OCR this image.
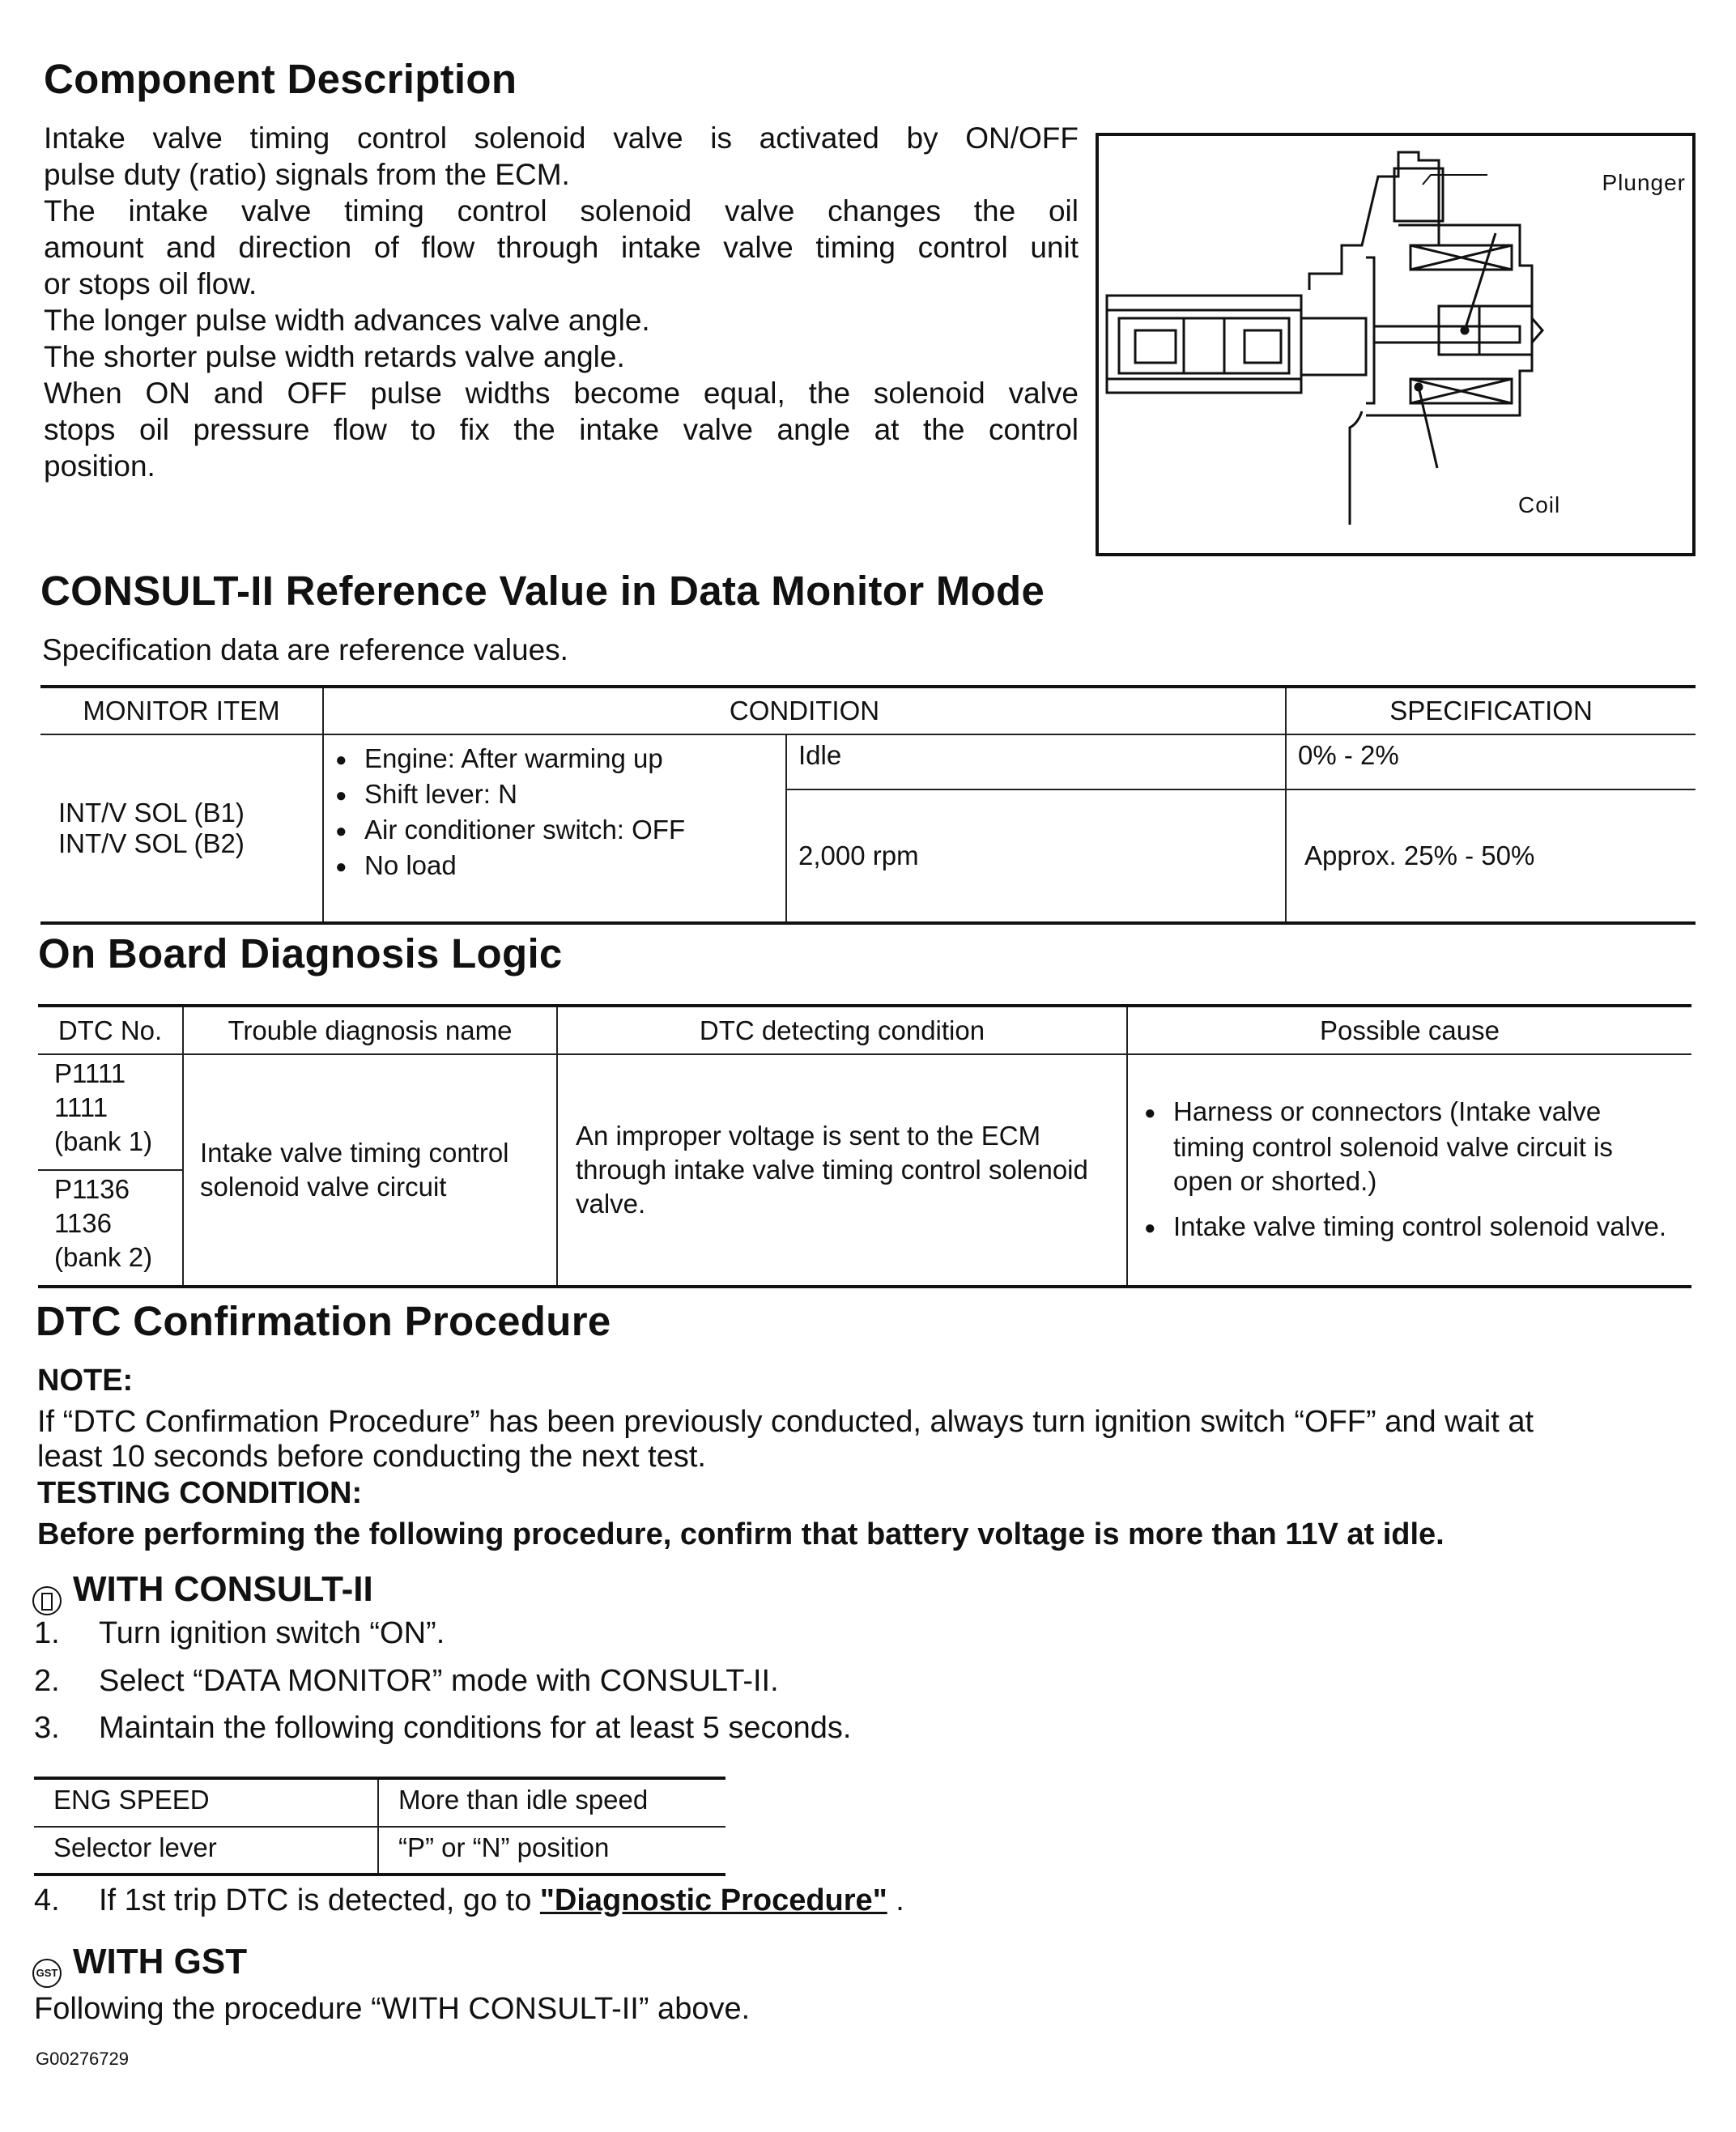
Component Description
Intake valve timing control solenoid valve is activated by ON/OFF
pulse duty (ratio) signals from the ECM.
The intake valve timing control solenoid valve changes the oil
amount and direction of flow through intake valve timing control unit
or stops oil flow.
The longer pulse width advances valve angle.
The shorter pulse width retards valve angle.
When ON and OFF pulse widths become equal, the solenoid valve
stops oil pressure flow to fix the intake valve angle at the control
position.
Plunger
Coil
CONSULT-II Reference Value in Data Monitor Mode
Specification data are reference values.
MONITOR ITEM	CONDITION		SPECIFICATION
INT/V SOL (B1)
INT/V SOL (B2)	● Engine: After warming up
● Shift lever: N
● Air conditioner switch: OFF
● No load	Idle	0% - 2%
		2,000 rpm	Approx. 25% - 50%
On Board Diagnosis Logic
DTC No.	Trouble diagnosis name	DTC detecting condition	Possible cause
P1111
1111
(bank 1)	Intake valve timing control solenoid valve circuit	An improper voltage is sent to the ECM through intake valve timing control solenoid valve.	● Harness or connectors (Intake valve timing control solenoid valve circuit is open or shorted.)
● Intake valve timing control solenoid valve.

P1136
1136
(bank 2)			
DTC Confirmation Procedure
NOTE:
If “DTC Confirmation Procedure” has been previously conducted, always turn ignition switch “OFF” and wait at
least 10 seconds before conducting the next test.
TESTING CONDITION:
Before performing the following procedure, confirm that battery voltage is more than 11V at idle.
WITH CONSULT-II
1. Turn ignition switch “ON”.
2. Select “DATA MONITOR” mode with CONSULT-II.
3. Maintain the following conditions for at least 5 seconds.
ENG SPEED	More than idle speed
Selector lever	“P” or “N” position
4. If 1st trip DTC is detected, go to "Diagnostic Procedure" .
GST WITH GST
Following the procedure “WITH CONSULT-II” above.
G00276729
